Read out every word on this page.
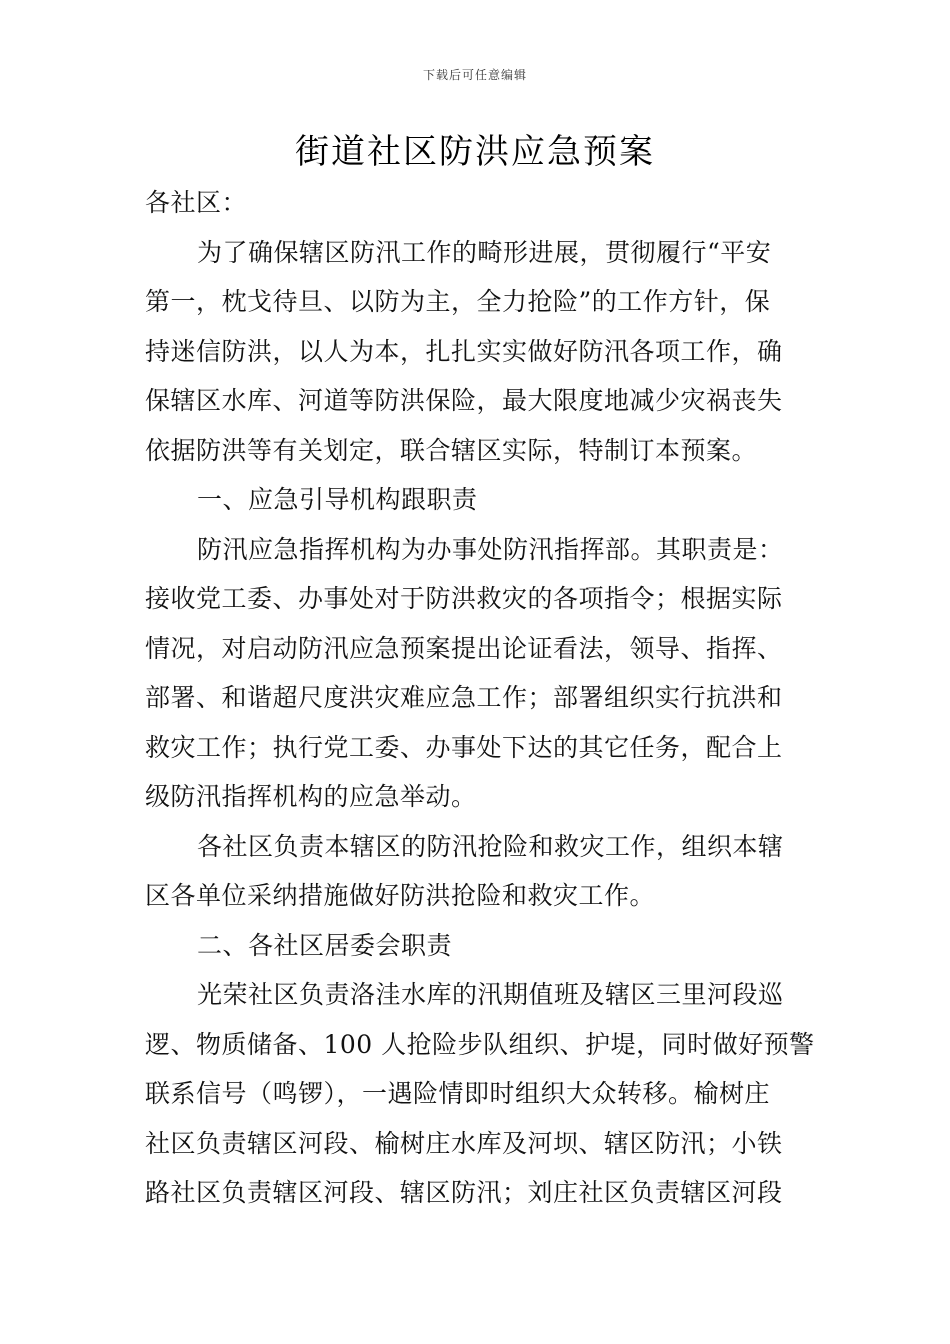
下载后可任意编辑
街道社区防洪应急预案
各社区：
为了确保辖区防汛工作的畸形进展，贯彻履行“平安
第一，枕戈待旦、以防为主，全力抢险”的工作方针，保
持迷信防洪，以人为本，扎扎实实做好防汛各项工作，确
保辖区水库、河道等防洪保险，最大限度地减少灾祸丧失
依据防洪等有关划定，联合辖区实际，特制订本预案。
一、应急引导机构跟职责
防汛应急指挥机构为办事处防汛指挥部。其职责是：
接收党工委、办事处对于防洪救灾的各项指令；根据实际
情况，对启动防汛应急预案提出论证看法，领导、指挥、
部署、和谐超尺度洪灾难应急工作；部署组织实行抗洪和
救灾工作；执行党工委、办事处下达的其它任务，配合上
级防汛指挥机构的应急举动。
各社区负责本辖区的防汛抢险和救灾工作，组织本辖
区各单位采纳措施做好防洪抢险和救灾工作。
二、各社区居委会职责
光荣社区负责洛洼水库的汛期值班及辖区三里河段巡
逻、物质储备、100 人抢险步队组织、护堤，同时做好预警
联系信号（鸣锣），一遇险情即时组织大众转移。榆树庄
社区负责辖区河段、榆树庄水库及河坝、辖区防汛；小铁
路社区负责辖区河段、辖区防汛；刘庄社区负责辖区河段
